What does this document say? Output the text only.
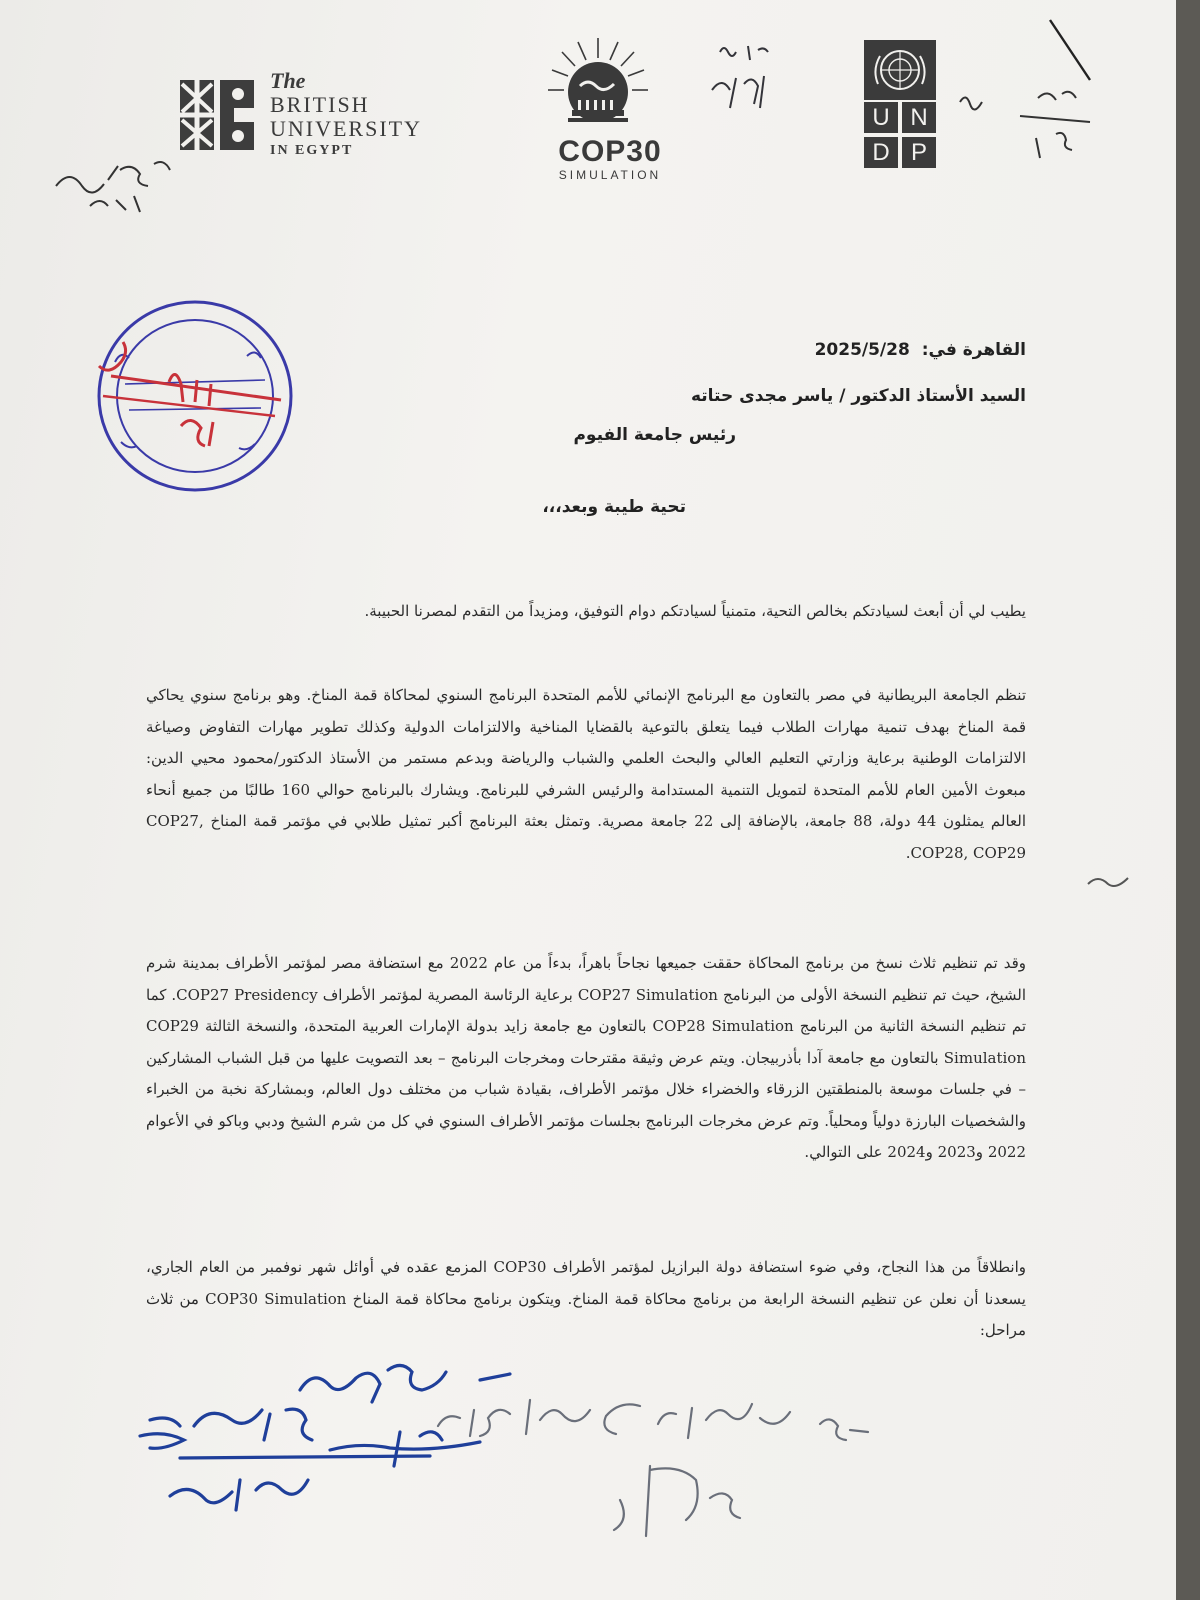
The
BRITISH
UNIVERSITY
IN EGYPT	COP30
SIMULATION
U N
D P
القاهرة في: 2025/5/28
السيد الأستاذ الدكتور / ياسر مجدى حتاته
رئيس جامعة الفيوم
تحية طيبة وبعد،،،
يطيب لي أن أبعث لسيادتكم بخالص التحية، متمنياً لسيادتكم دوام التوفيق، ومزيداً من التقدم لمصرنا الحبيبة.
تنظم الجامعة البريطانية في مصر بالتعاون مع البرنامج الإنمائي للأمم المتحدة البرنامج السنوي لمحاكاة قمة المناخ. وهو برنامج سنوي يحاكي قمة المناخ بهدف تنمية مهارات الطلاب فيما يتعلق بالتوعية بالقضايا المناخية والالتزامات الدولية وكذلك تطوير مهارات التفاوض وصياغة الالتزامات الوطنية برعاية وزارتي التعليم العالي والبحث العلمي والشباب والرياضة وبدعم مستمر من الأستاذ الدكتور/محمود محيي الدين: مبعوث الأمين العام للأمم المتحدة لتمويل التنمية المستدامة والرئيس الشرفي للبرنامج. ويشارك بالبرنامج حوالي 160 طالبًا من جميع أنحاء العالم يمثلون 44 دولة، 88 جامعة، بالإضافة إلى 22 جامعة مصرية. وتمثل بعثة البرنامج أكبر تمثيل طلابي في مؤتمر قمة المناخ COP27, COP28, COP29.
وقد تم تنظيم ثلاث نسخ من برنامج المحاكاة حققت جميعها نجاحاً باهراً، بدءاً من عام 2022 مع استضافة مصر لمؤتمر الأطراف بمدينة شرم الشيخ، حيث تم تنظيم النسخة الأولى من البرنامج COP27 Simulation برعاية الرئاسة المصرية لمؤتمر الأطراف COP27 Presidency. كما تم تنظيم النسخة الثانية من البرنامج COP28 Simulation بالتعاون مع جامعة زايد بدولة الإمارات العربية المتحدة، والنسخة الثالثة COP29 Simulation بالتعاون مع جامعة آدا بأذربيجان. ويتم عرض وثيقة مقترحات ومخرجات البرنامج – بعد التصويت عليها من قبل الشباب المشاركين – في جلسات موسعة بالمنطقتين الزرقاء والخضراء خلال مؤتمر الأطراف، بقيادة شباب من مختلف دول العالم، وبمشاركة نخبة من الخبراء والشخصيات البارزة دولياً ومحلياً. وتم عرض مخرجات البرنامج بجلسات مؤتمر الأطراف السنوي في كل من شرم الشيخ ودبي وباكو في الأعوام 2022 و2023 و2024 على التوالي.
وانطلاقاً من هذا النجاح، وفي ضوء استضافة دولة البرازيل لمؤتمر الأطراف COP30 المزمع عقده في أوائل شهر نوفمبر من العام الجاري، يسعدنا أن نعلن عن تنظيم النسخة الرابعة من برنامج محاكاة قمة المناخ. ويتكون برنامج محاكاة قمة المناخ COP30 Simulation من ثلاث مراحل:
